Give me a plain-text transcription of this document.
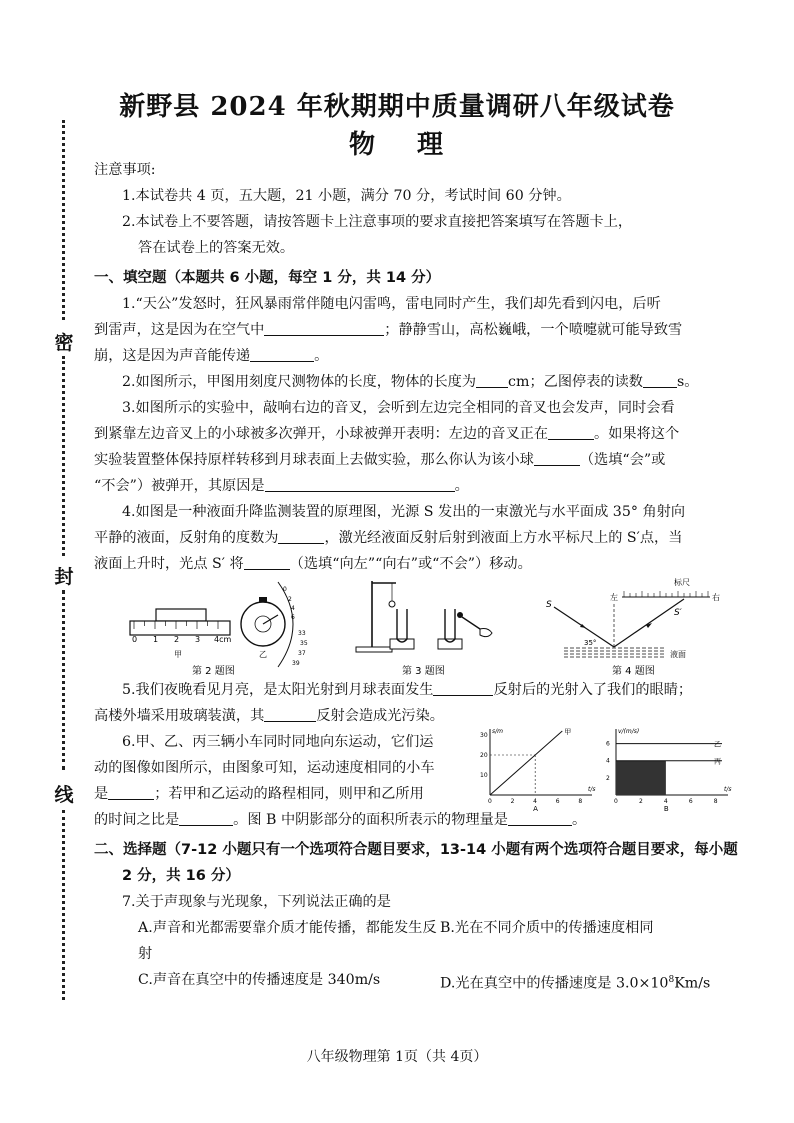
密
封
线
新野县 2024 年秋期期中质量调研八年级试卷
物理

注意事项:

1.本试卷共 4 页，五大题，21 小题，满分 70 分，考试时间 60 分钟。

2.本试卷上不要答题，请按答题卡上注意事项的要求直接把答案填写在答题卡上，

答在试卷上的答案无效。

一、填空题（本题共 6 小题，每空 1 分，共 14 分）

1.“天公”发怒时，狂风暴雨常伴随电闪雷鸣，雷电同时产生，我们却先看到闪电，后听

到雷声，这是因为在空气中	；静静雪山，高松巍峨，一个喷嚏就可能导致雪

崩，这是因为声音能传递	。

2.如图所示，甲图用刻度尺测物体的长度，物体的长度为 cm；乙图停表的读数 s。

3.如图所示的实验中，敲响右边的音叉，会听到左边完全相同的音叉也会发声，同时会看

到紧靠左边音叉上的小球被多次弹开，小球被弹开表明：左边的音叉正在	。如果将这个

实验装置整体保持原样转移到月球表面上去做实验，那么你认为该小球	（选填“会”或

“不会”）被弹开，其原因是	。

4.如图是一种液面升降监测装置的原理图，光源 S 发出的一束激光与水平面成 35° 角射向

平静的液面，反射角的度数为	，激光经液面反射后射到液面上方水平标尺上的 S′点，当

液面上升时，光点 S′ 将	（选填“向左”“向右”或“不会”）移动。

0 1 2 3 4cm
甲
0
2
4
6
33
35
37
39
乙
第 2 题图	第 3 题图
标尺
左	右
S
S′
35°
液面
第 4 题图

5.我们夜晚看见月亮，是太阳光射到月球表面发生	反射后的光射入了我们的眼睛；

高楼外墙采用玻璃装潢，其	反射会造成光污染。

6.甲、乙、丙三辆小车同时同地向东运动，它们运

动的图像如图所示，由图象可知，运动速度相同的小车

是	；若甲和乙运动的路程相同，则甲和乙所用

的时间之比是	。图 B 中阴影部分的面积所表示的物理量是	。

t/s
s/m
0	2	4	6	8
10
20
30
A
甲
t/s
v/(m/s)
0	2	4	6	8
2
4
6
B
乙
丙

二、选择题（7-12 小题只有一个选项符合题目要求，13-14 小题有两个选项符合题目要求，每小题

2 分，共 16 分）

7.关于声现象与光现象，下列说法正确的是

A.声音和光都需要靠介质才能传播，都能发生反射
B.光在不同介质中的传播速度相同
C.声音在真空中的传播速度是 340m/s	D.光在真空中的传播速度是 $3.0\times 10^8Km/s$
八年级物理第 1页（共 4页）
